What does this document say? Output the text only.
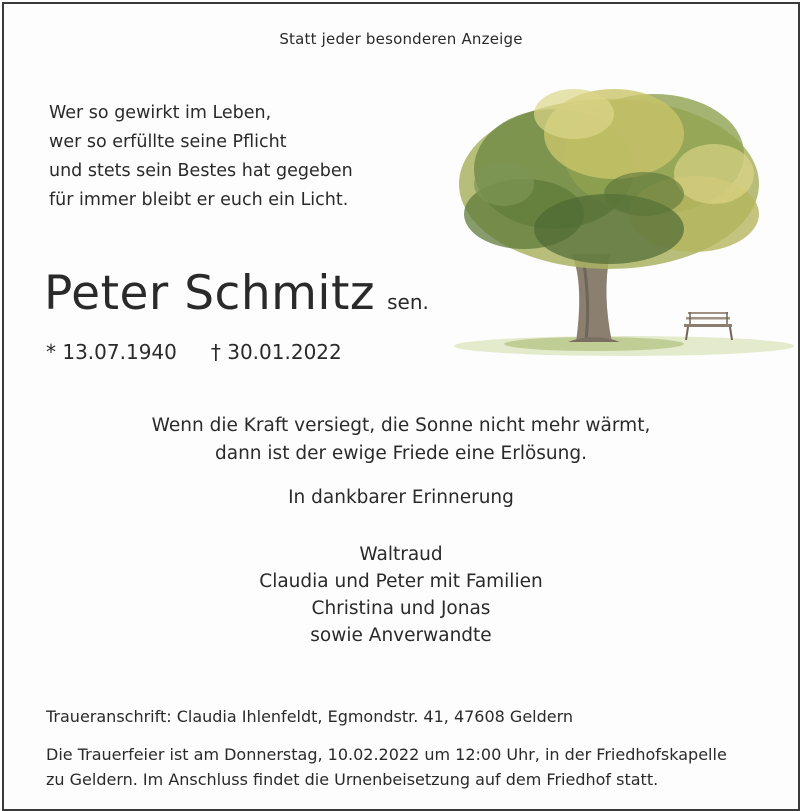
Statt jeder besonderen Anzeige
Wer so gewirkt im Leben,
wer so erfüllte seine Pflicht
und stets sein Bestes hat gegeben
für immer bleibt er euch ein Licht.
Peter Schmitz sen.
* 13.07.1940 † 30.01.2022
Wenn die Kraft versiegt, die Sonne nicht mehr wärmt,
dann ist der ewige Friede eine Erlösung.
In dankbarer Erinnerung
Waltraud
Claudia und Peter mit Familien
Christina und Jonas
sowie Anverwandte
Traueranschrift: Claudia Ihlenfeldt, Egmondstr. 41, 47608 Geldern
Die Trauerfeier ist am Donnerstag, 10.02.2022 um 12:00 Uhr, in der Friedhofskapelle
zu Geldern. Im Anschluss findet die Urnenbeisetzung auf dem Friedhof statt.
